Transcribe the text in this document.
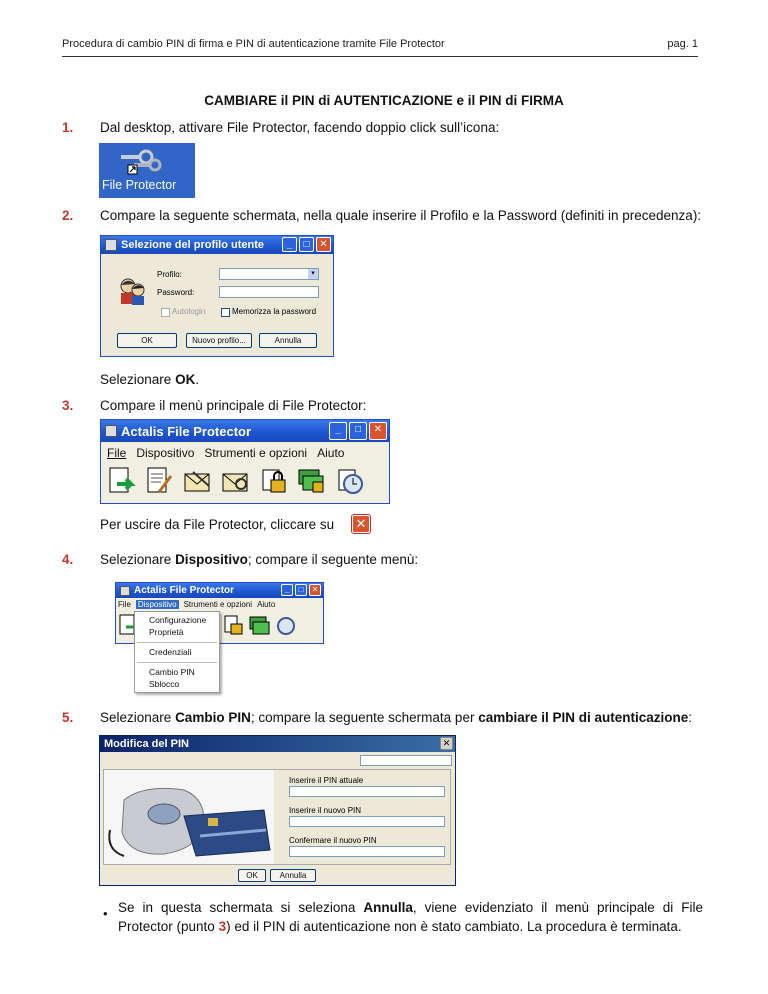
Procedura di cambio PIN di firma e PIN di autenticazione tramite File Protector	pag. 1
CAMBIARE il PIN di AUTENTICAZIONE e il PIN di FIRMA
1. Dal desktop, attivare File Protector, facendo doppio click sull’icona:
File Protector
2. Compare la seguente schermata, nella quale inserire il Profilo e la Password (definiti in precedenza):
Selezione del profilo utente	_	□ ✕
Profilo:	▾
Password:
Autologin	Memorizza la password
OK	Nuovo profilo...	Annulla
Selezionare OK.
3. Compare il menù principale di File Protector:
Actalis File Protector	_	□	✕
File Dispositivo Strumenti e opzioni Aiuto
Per uscire da File Protector, cliccare su ✕
4. Selezionare Dispositivo; compare il seguente menù:
Actalis File Protector	_	□	✕
File Dispositivo Strumenti e opzioni Aiuto
Configurazione
Proprietà
Credenziali
Cambio PIN
Sblocco
5. Selezionare Cambio PIN; compare la seguente schermata per cambiare il PIN di autenticazione:
Modifica del PIN	✕
Inserire il PIN attuale
Inserire il nuovo PIN
Confermare il nuovo PIN
OK	Annulla
• Se in questa schermata si seleziona Annulla, viene evidenziato il menù principale di File Protector (punto 3) ed il PIN di autenticazione non è stato cambiato. La procedura è terminata.
